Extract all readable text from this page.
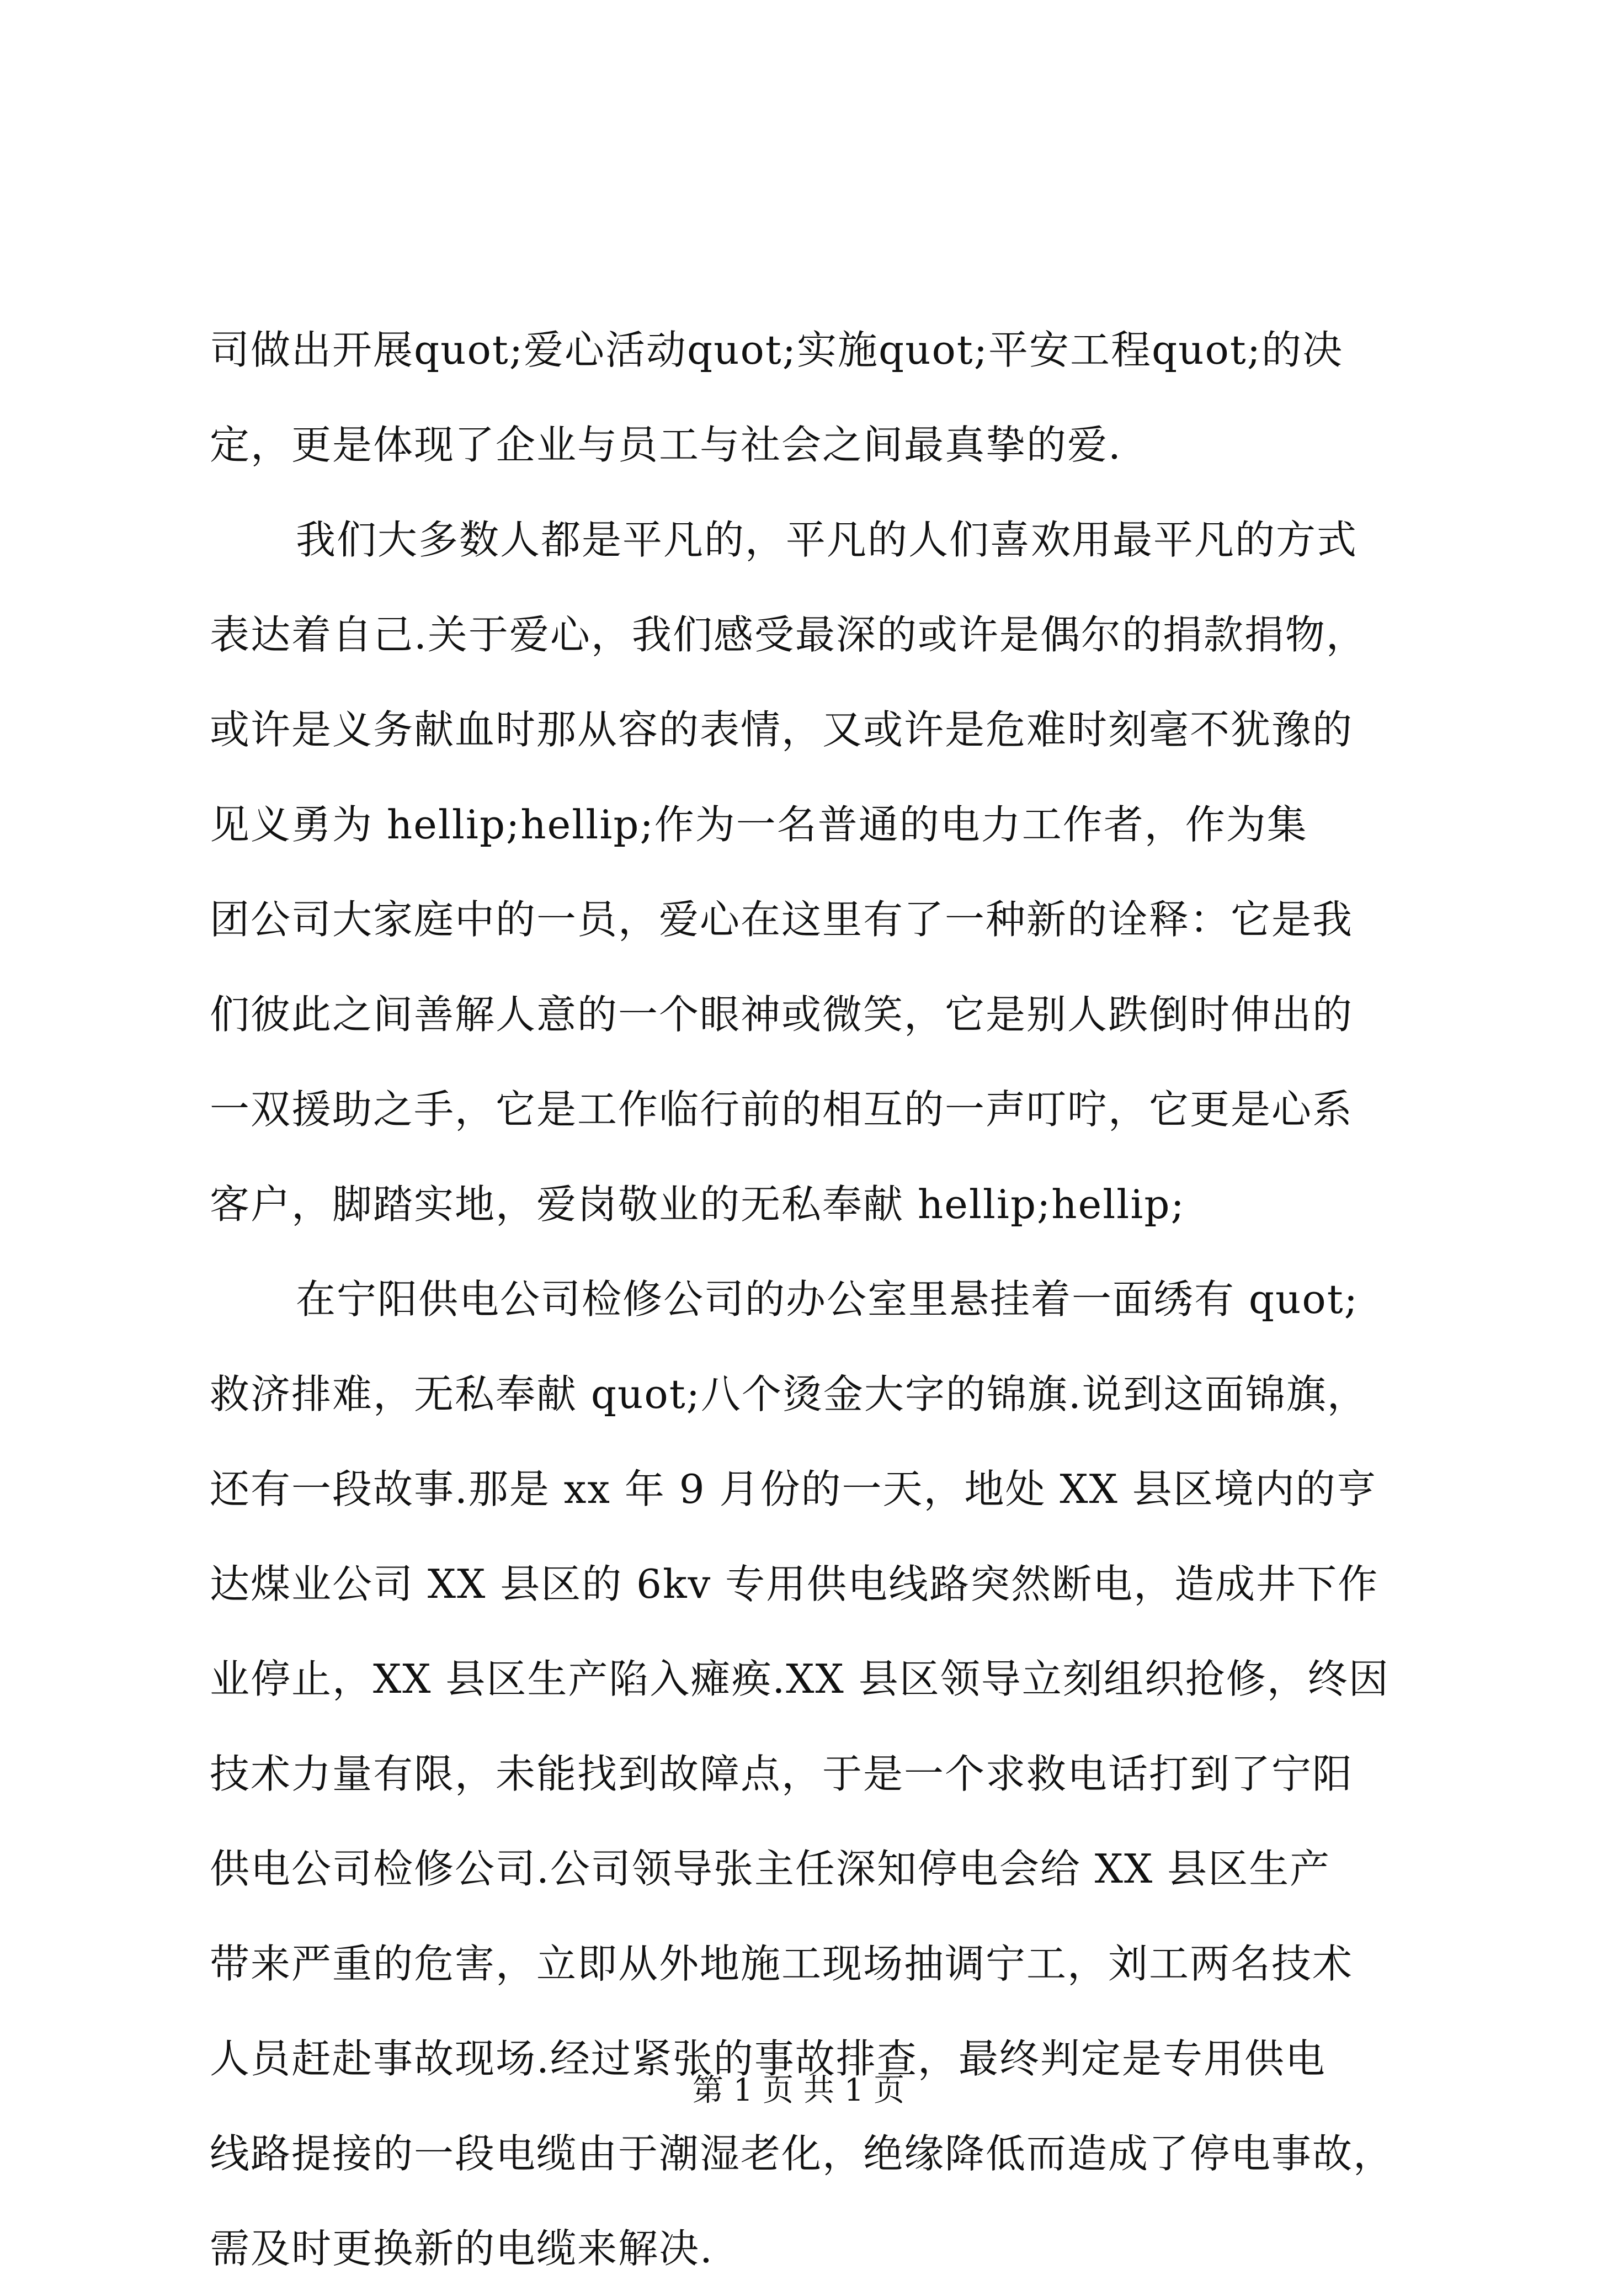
司做出开展quot;爱心活动quot;实施quot;平安工程quot;的决
定，更是体现了企业与员工与社会之间最真挚的爱.
我们大多数人都是平凡的，平凡的人们喜欢用最平凡的方式
表达着自己.关于爱心，我们感受最深的或许是偶尔的捐款捐物，
或许是义务献血时那从容的表情，又或许是危难时刻毫不犹豫的
见义勇为 hellip;hellip;作为一名普通的电力工作者，作为集
团公司大家庭中的一员，爱心在这里有了一种新的诠释：它是我
们彼此之间善解人意的一个眼神或微笑，它是别人跌倒时伸出的
一双援助之手，它是工作临行前的相互的一声叮咛，它更是心系
客户，脚踏实地，爱岗敬业的无私奉献 hellip;hellip;
在宁阳供电公司检修公司的办公室里悬挂着一面绣有 quot;
救济排难，无私奉献 quot;八个烫金大字的锦旗.说到这面锦旗，
还有一段故事.那是 xx 年 9 月份的一天，地处 XX 县区境内的亨
达煤业公司 XX 县区的 6kv 专用供电线路突然断电，造成井下作
业停止，XX 县区生产陷入瘫痪.XX 县区领导立刻组织抢修，终因
技术力量有限，未能找到故障点，于是一个求救电话打到了宁阳
供电公司检修公司.公司领导张主任深知停电会给 XX 县区生产
带来严重的危害，立即从外地施工现场抽调宁工，刘工两名技术
人员赶赴事故现场.经过紧张的事故排查，最终判定是专用供电
线路提接的一段电缆由于潮湿老化，绝缘降低而造成了停电事故，
需及时更换新的电缆来解决.
第 1 页 共 1 页
